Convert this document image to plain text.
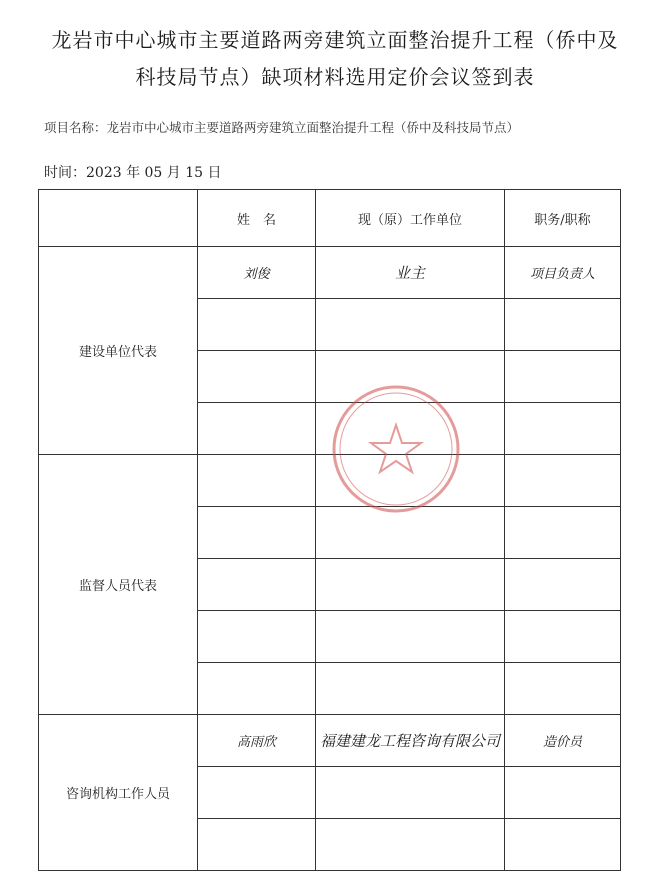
龙岩市中心城市主要道路两旁建筑立面整治提升工程（侨中及
科技局节点）缺项材料选用定价会议签到表
项目名称：龙岩市中心城市主要道路两旁建筑立面整治提升工程（侨中及科技局节点）
时间：2023 年 05 月 15 日
	姓　名	现（原）工作单位	职务/职称
建设单位代表	刘俊	业主	项目负责人

监督人员代表			

咨询机构工作人员	高雨欣	福建建龙工程咨询有限公司	造价员
